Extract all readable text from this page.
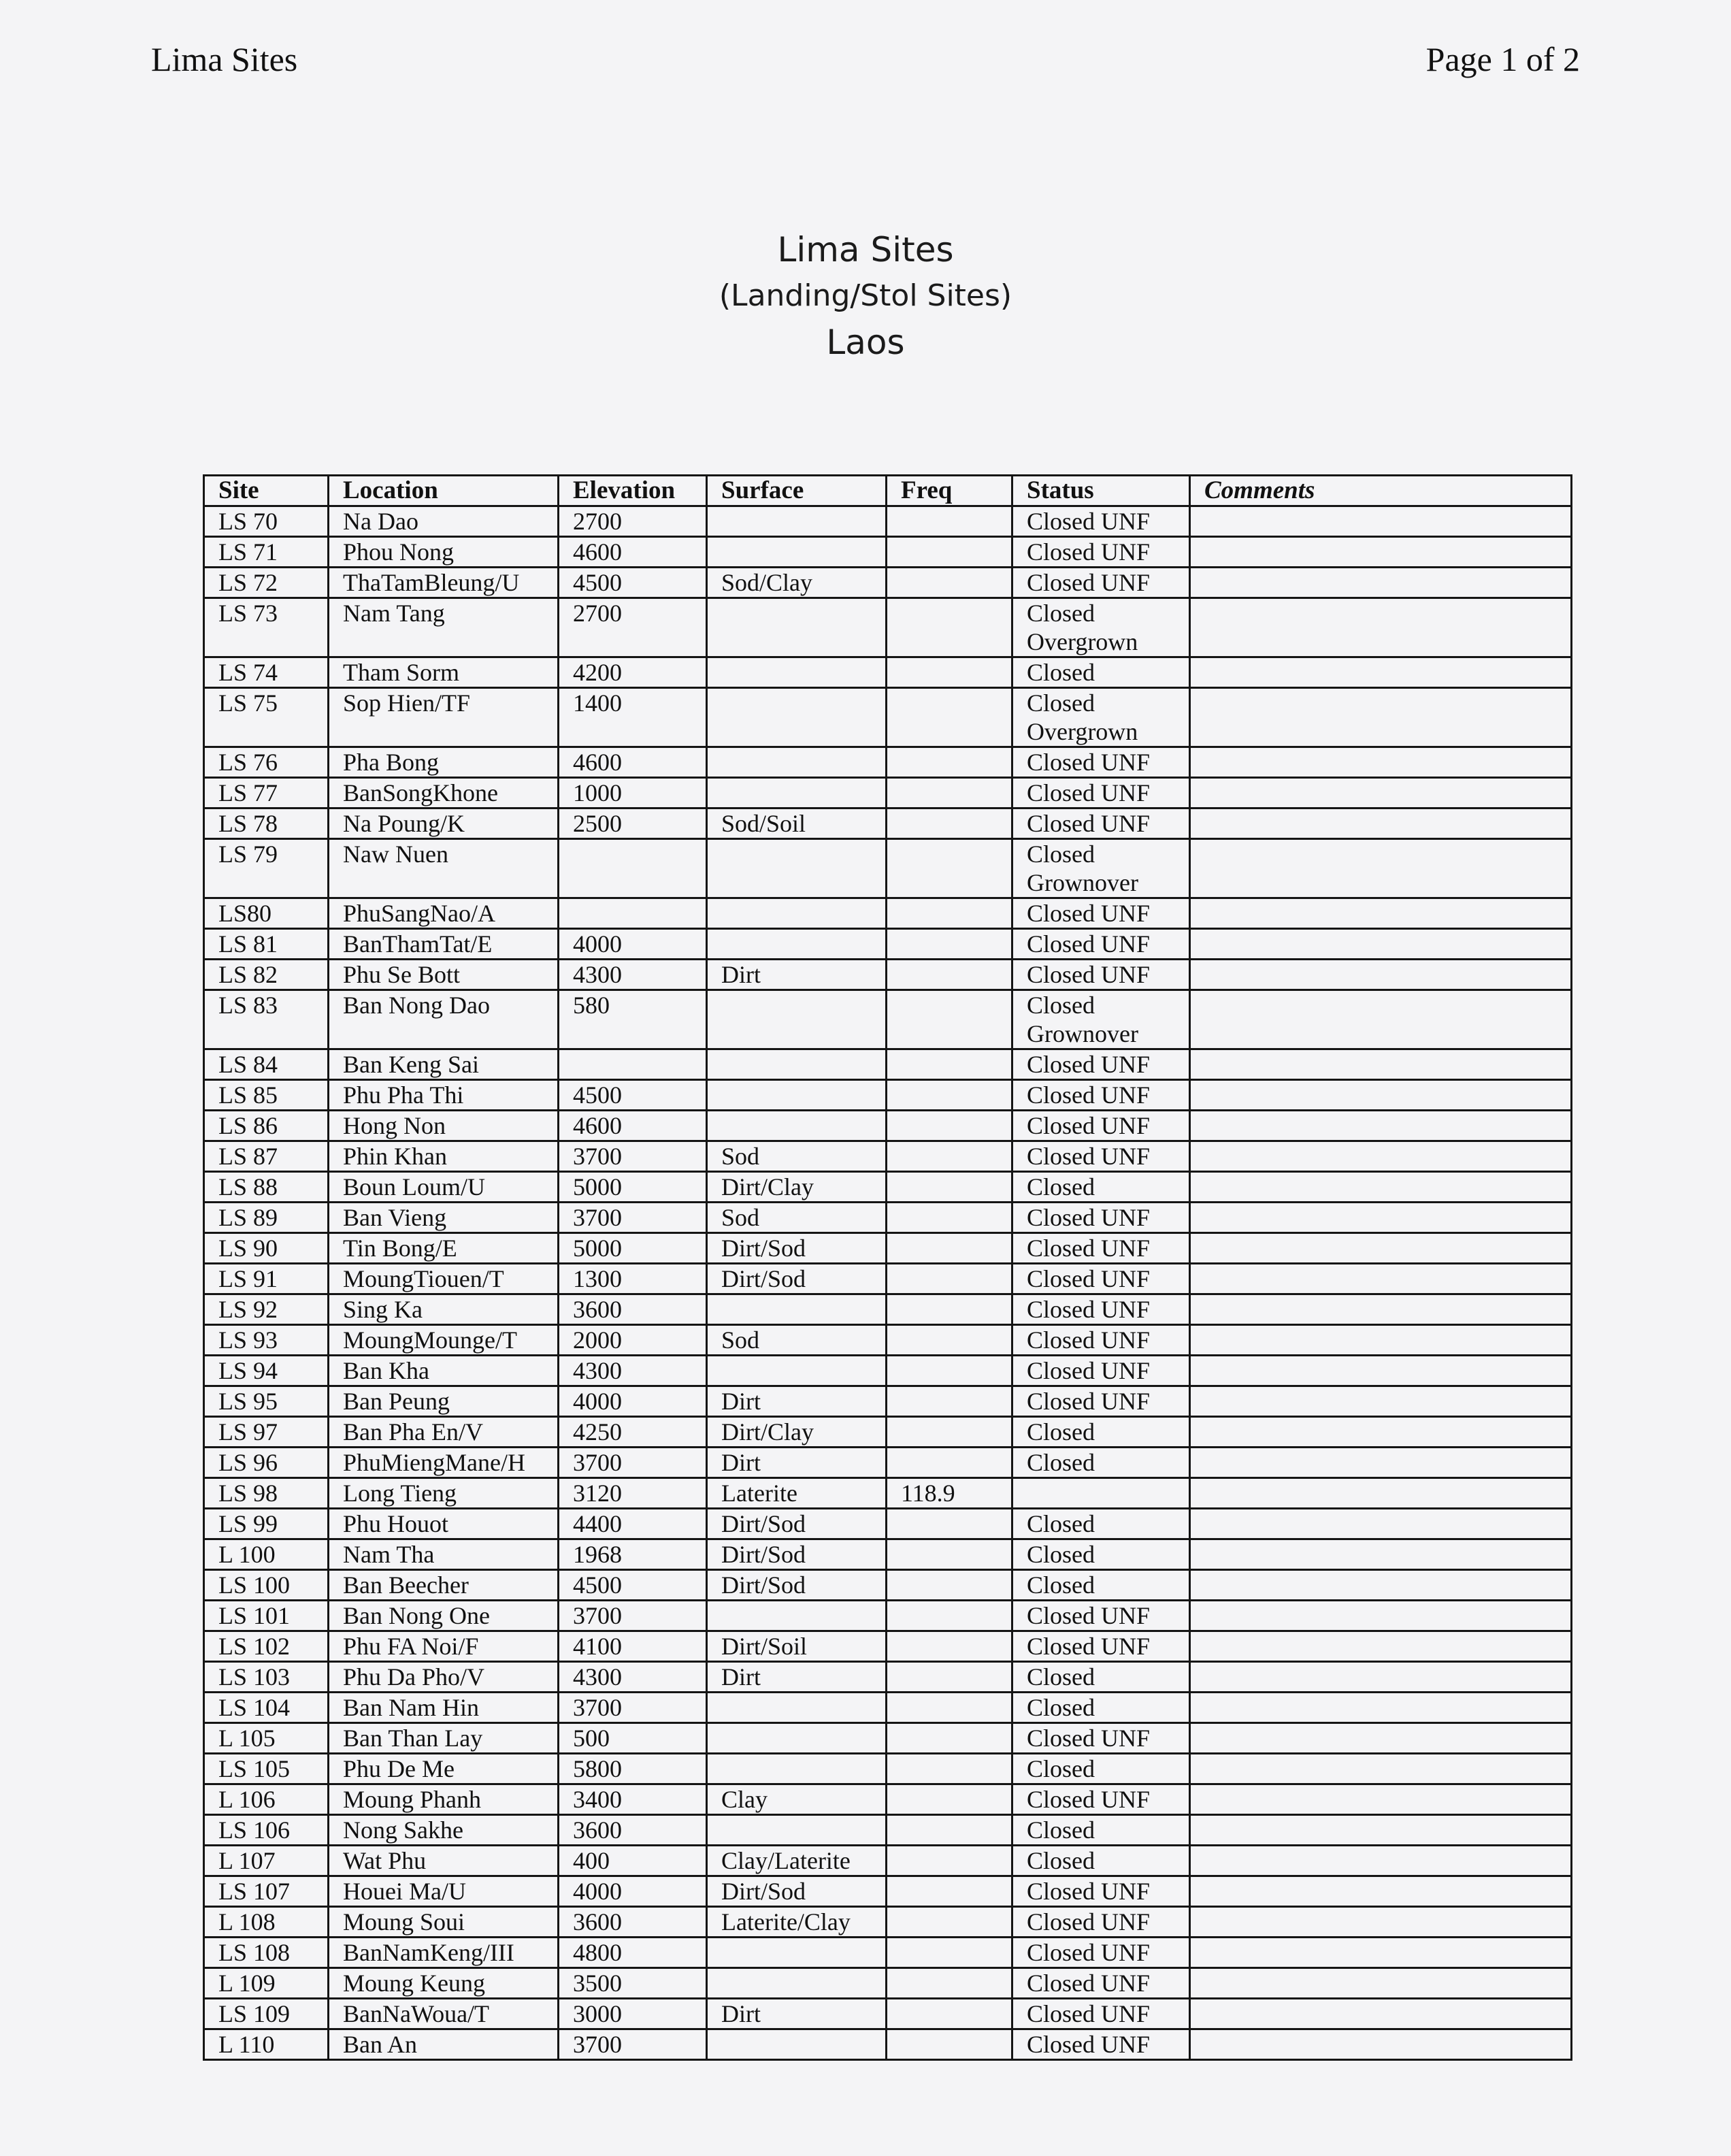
Lima Sites	Page 1 of 2
Lima Sites
(Landing/Stol Sites)
Laos
Site	Location	Elevation	Surface	Freq	Status	Comments
LS 70	Na Dao	2700			Closed UNF	
LS 71	Phou Nong	4600			Closed UNF	
LS 72	ThaTamBleung/U	4500	Sod/Clay		Closed UNF	
LS 73	Nam Tang	2700			Closed Overgrown	
LS 74	Tham Sorm	4200			Closed	
LS 75	Sop Hien/TF	1400			Closed Overgrown	
LS 76	Pha Bong	4600			Closed UNF	
LS 77	BanSongKhone	1000			Closed UNF	
LS 78	Na Poung/K	2500	Sod/Soil		Closed UNF	
LS 79	Naw Nuen				Closed Grownover	
LS80	PhuSangNao/A				Closed UNF	
LS 81	BanThamTat/E	4000			Closed UNF	
LS 82	Phu Se Bott	4300	Dirt		Closed UNF	
LS 83	Ban Nong Dao	580			Closed Grownover	
LS 84	Ban Keng Sai				Closed UNF	
LS 85	Phu Pha Thi	4500			Closed UNF	
LS 86	Hong Non	4600			Closed UNF	
LS 87	Phin Khan	3700	Sod		Closed UNF	
LS 88	Boun Loum/U	5000	Dirt/Clay		Closed	
LS 89	Ban Vieng	3700	Sod		Closed UNF	
LS 90	Tin Bong/E	5000	Dirt/Sod		Closed UNF	
LS 91	MoungTiouen/T	1300	Dirt/Sod		Closed UNF	
LS 92	Sing Ka	3600			Closed UNF	
LS 93	MoungMounge/T	2000	Sod		Closed UNF	
LS 94	Ban Kha	4300			Closed UNF	
LS 95	Ban Peung	4000	Dirt		Closed UNF	
LS 97	Ban Pha En/V	4250	Dirt/Clay		Closed	
LS 96	PhuMiengMane/H	3700	Dirt		Closed	
LS 98	Long Tieng	3120	Laterite	118.9		
LS 99	Phu Houot	4400	Dirt/Sod		Closed	
L 100	Nam Tha	1968	Dirt/Sod		Closed	
LS 100	Ban Beecher	4500	Dirt/Sod		Closed	
LS 101	Ban Nong One	3700			Closed UNF	
LS 102	Phu FA Noi/F	4100	Dirt/Soil		Closed UNF	
LS 103	Phu Da Pho/V	4300	Dirt		Closed	
LS 104	Ban Nam Hin	3700			Closed	
L 105	Ban Than Lay	500			Closed UNF	
LS 105	Phu De Me	5800			Closed	
L 106	Moung Phanh	3400	Clay		Closed UNF	
LS 106	Nong Sakhe	3600			Closed	
L 107	Wat Phu	400	Clay/Laterite		Closed	
LS 107	Houei Ma/U	4000	Dirt/Sod		Closed UNF	
L 108	Moung Soui	3600	Laterite/Clay		Closed UNF	
LS 108	BanNamKeng/III	4800			Closed UNF	
L 109	Moung Keung	3500			Closed UNF	
LS 109	BanNaWoua/T	3000	Dirt		Closed UNF	
L 110	Ban An	3700			Closed UNF	
